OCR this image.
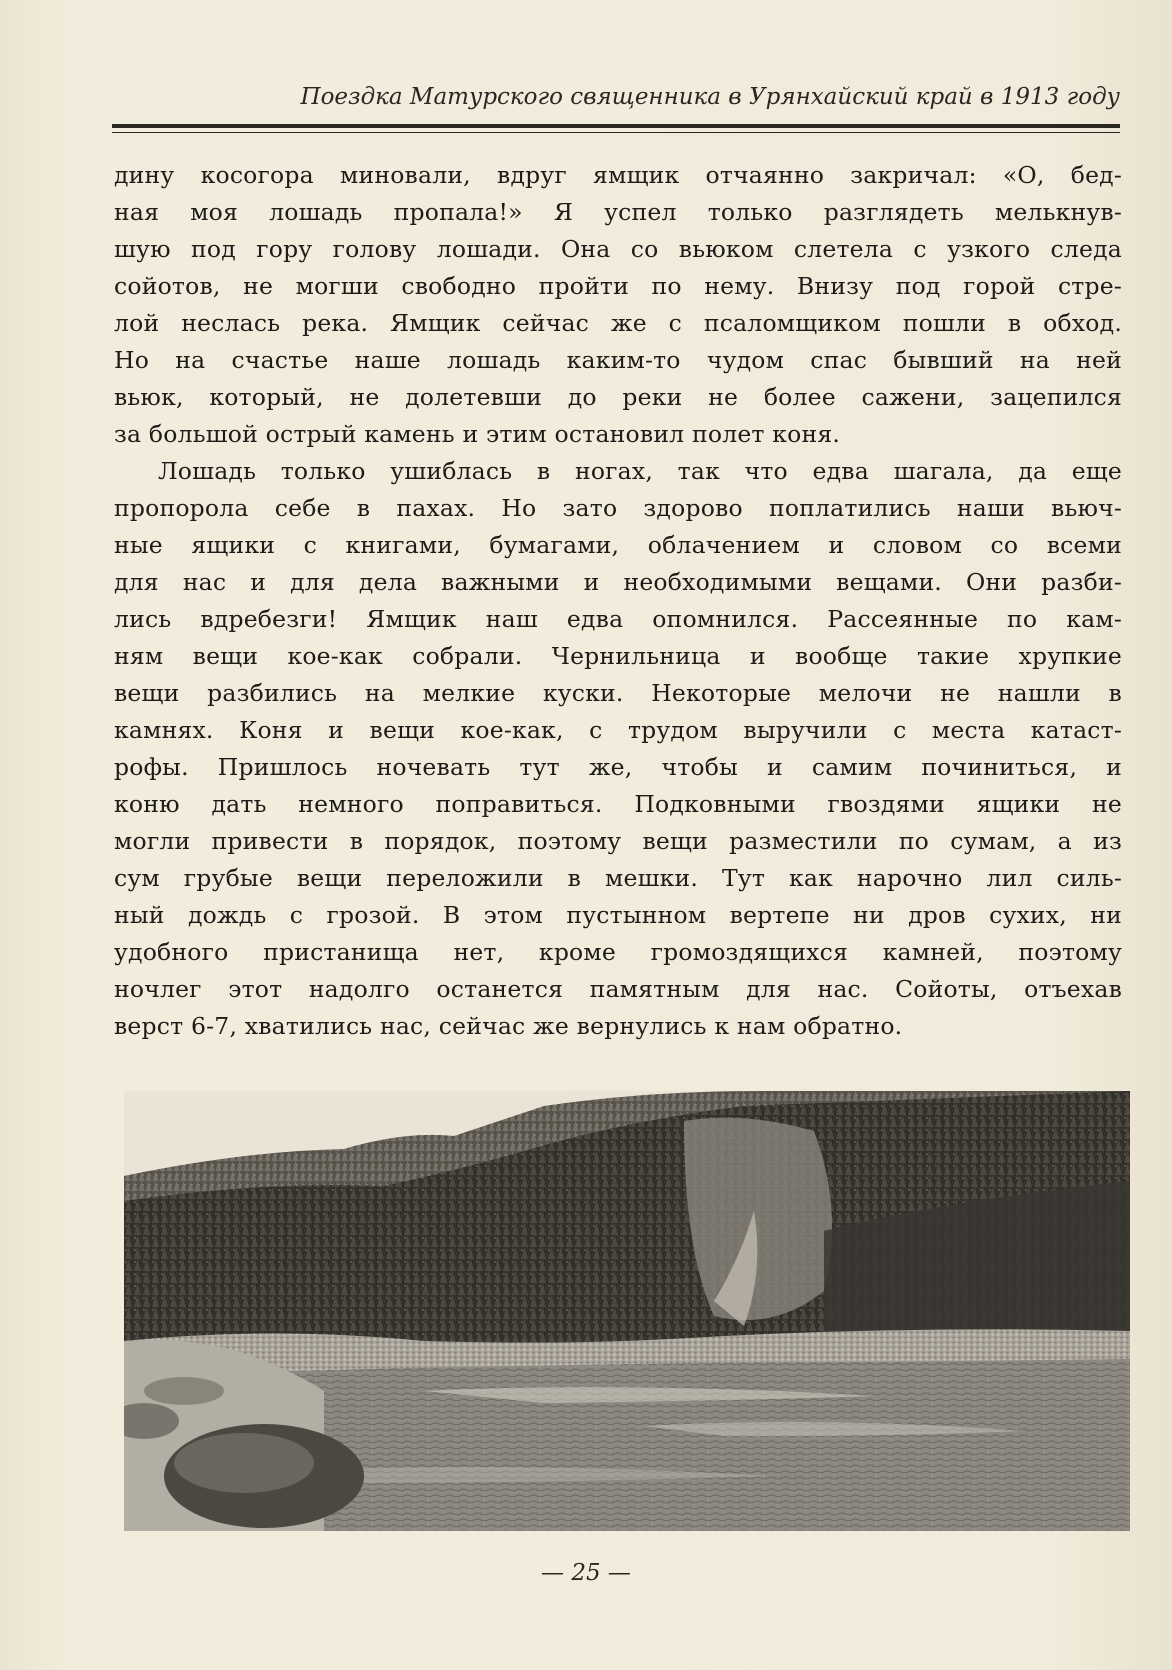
Поездка Матурского священника в Урянхайский край в 1913 году
дину косогора миновали, вдруг ямщик отчаянно закричал: «О, бед-
ная моя лошадь пропала!» Я успел только разглядеть мелькнув-
шую под гору голову лошади. Она со вьюком слетела с узкого следа
сойотов, не могши свободно пройти по нему. Внизу под горой стре-
лой неслась река. Ямщик сейчас же с псаломщиком пошли в обход.
Но на счастье наше лошадь каким-то чудом спас бывший на ней
вьюк, который, не долетевши до реки не более сажени, зацепился
за большой острый камень и этим остановил полет коня.
Лошадь только ушиблась в ногах, так что едва шагала, да еще
пропорола себе в пахах. Но зато здорово поплатились наши вьюч-
ные ящики с книгами, бумагами, облачением и словом со всеми
для нас и для дела важными и необходимыми вещами. Они разби-
лись вдребезги! Ямщик наш едва опомнился. Рассеянные по кам-
ням вещи кое-как собрали. Чернильница и вообще такие хрупкие
вещи разбились на мелкие куски. Некоторые мелочи не нашли в
камнях. Коня и вещи кое-как, с трудом выручили с места катаст-
рофы. Пришлось ночевать тут же, чтобы и самим починиться, и
коню дать немного поправиться. Подковными гвоздями ящики не
могли привести в порядок, поэтому вещи разместили по сумам, а из
сум грубые вещи переложили в мешки. Тут как нарочно лил силь-
ный дождь с грозой. В этом пустынном вертепе ни дров сухих, ни
удобного пристанища нет, кроме громоздящихся камней, поэтому
ночлег этот надолго останется памятным для нас. Сойоты, отъехав
верст 6-7, хватились нас, сейчас же вернулись к нам обратно.
— 25 —
